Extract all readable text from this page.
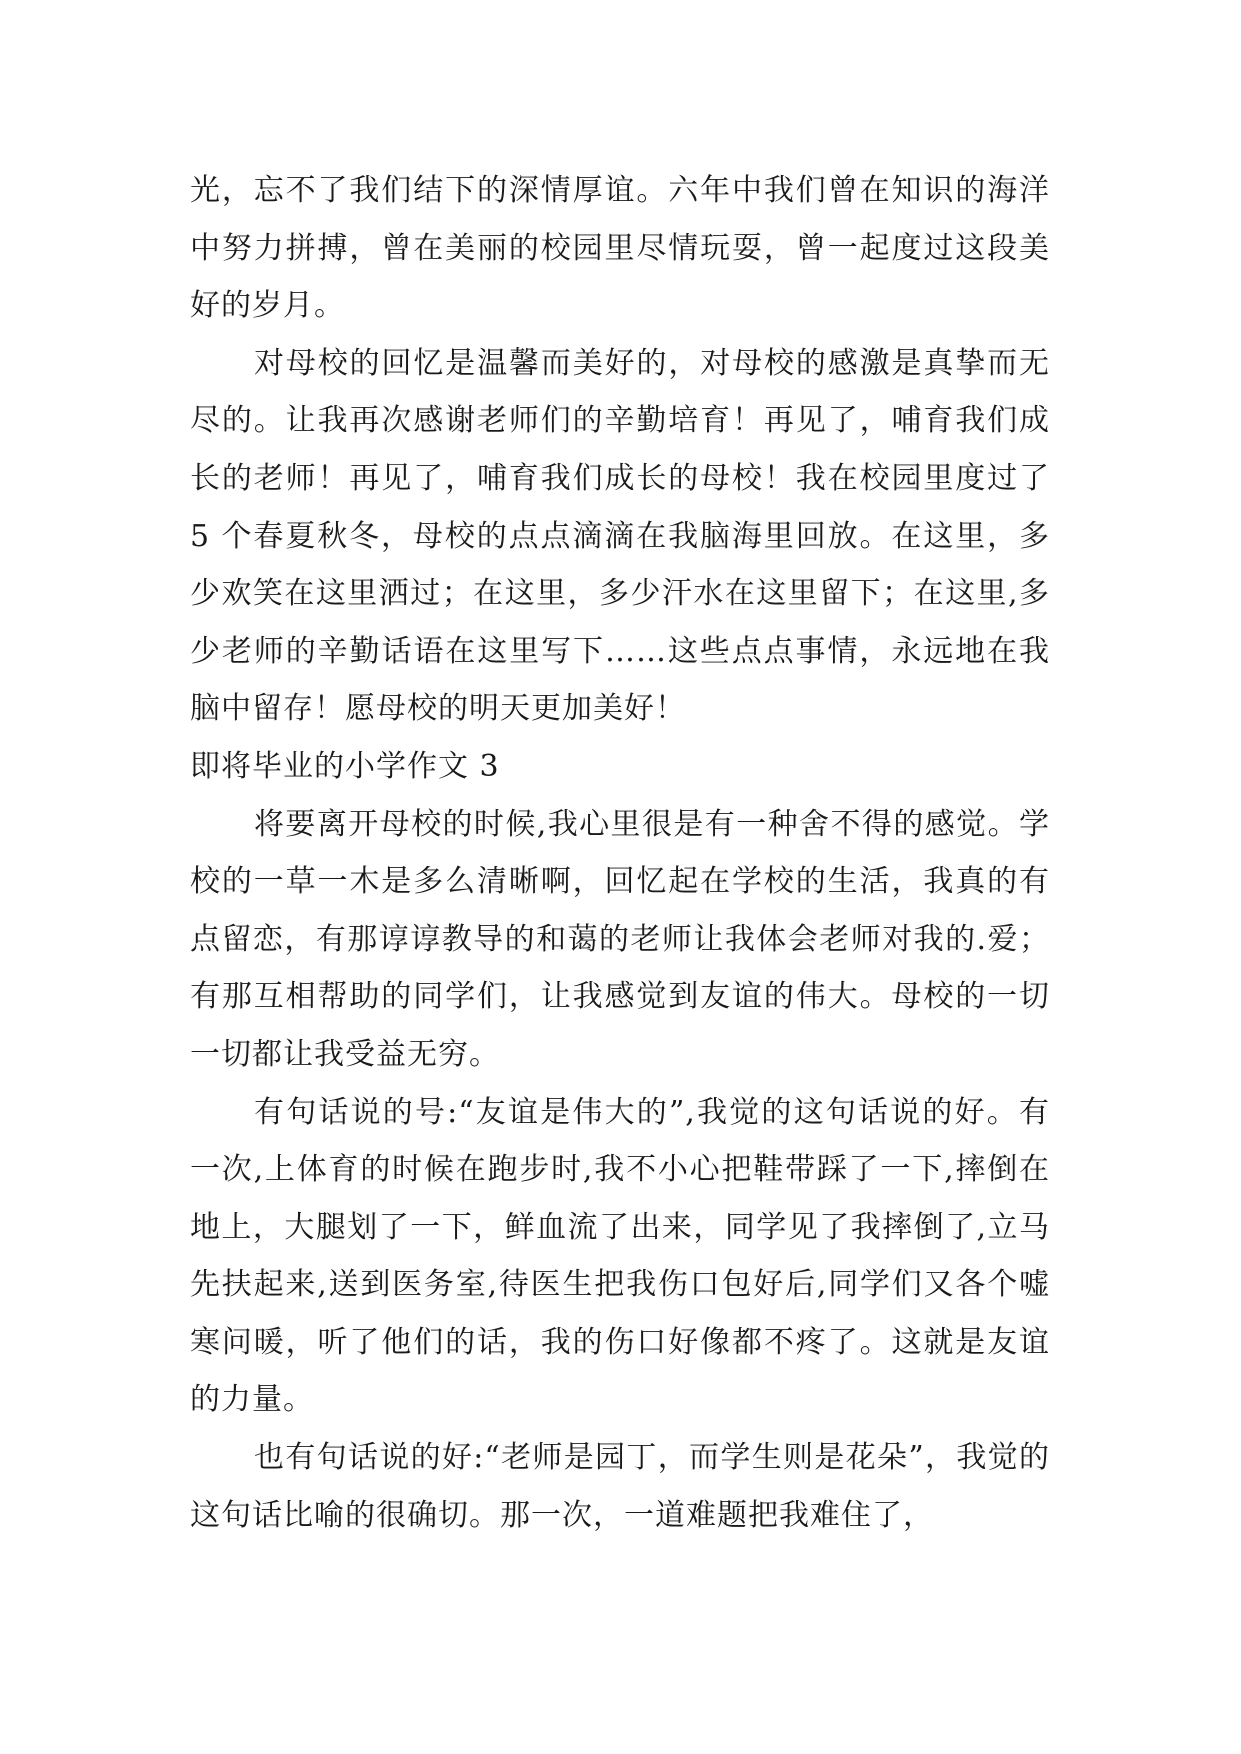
光，忘不了我们结下的深情厚谊。六年中我们曾在知识的海洋中努力拼搏，曾在美丽的校园里尽情玩耍，曾一起度过这段美好的岁月。

对母校的回忆是温馨而美好的，对母校的感激是真挚而无尽的。让我再次感谢老师们的辛勤培育！再见了，哺育我们成长的老师！再见了，哺育我们成长的母校！我在校园里度过了 5 个春夏秋冬，母校的点点滴滴在我脑海里回放。在这里，多少欢笑在这里洒过；在这里，多少汗水在这里留下；在这里,多少老师的辛勤话语在这里写下……这些点点事情，永远地在我脑中留存！愿母校的明天更加美好！

即将毕业的小学作文 3

将要离开母校的时候,我心里很是有一种舍不得的感觉。学校的一草一木是多么清晰啊，回忆起在学校的生活，我真的有点留恋，有那谆谆教导的和蔼的老师让我体会老师对我的.爱；有那互相帮助的同学们，让我感觉到友谊的伟大。母校的一切一切都让我受益无穷。

有句话说的号:“友谊是伟大的”,我觉的这句话说的好。有一次,上体育的时候在跑步时,我不小心把鞋带踩了一下,摔倒在地上，大腿划了一下，鲜血流了出来，同学见了我摔倒了,立马先扶起来,送到医务室,待医生把我伤口包好后,同学们又各个嘘寒问暖，听了他们的话，我的伤口好像都不疼了。这就是友谊的力量。

也有句话说的好:“老师是园丁，而学生则是花朵”，我觉的这句话比喻的很确切。那一次，一道难题把我难住了，
